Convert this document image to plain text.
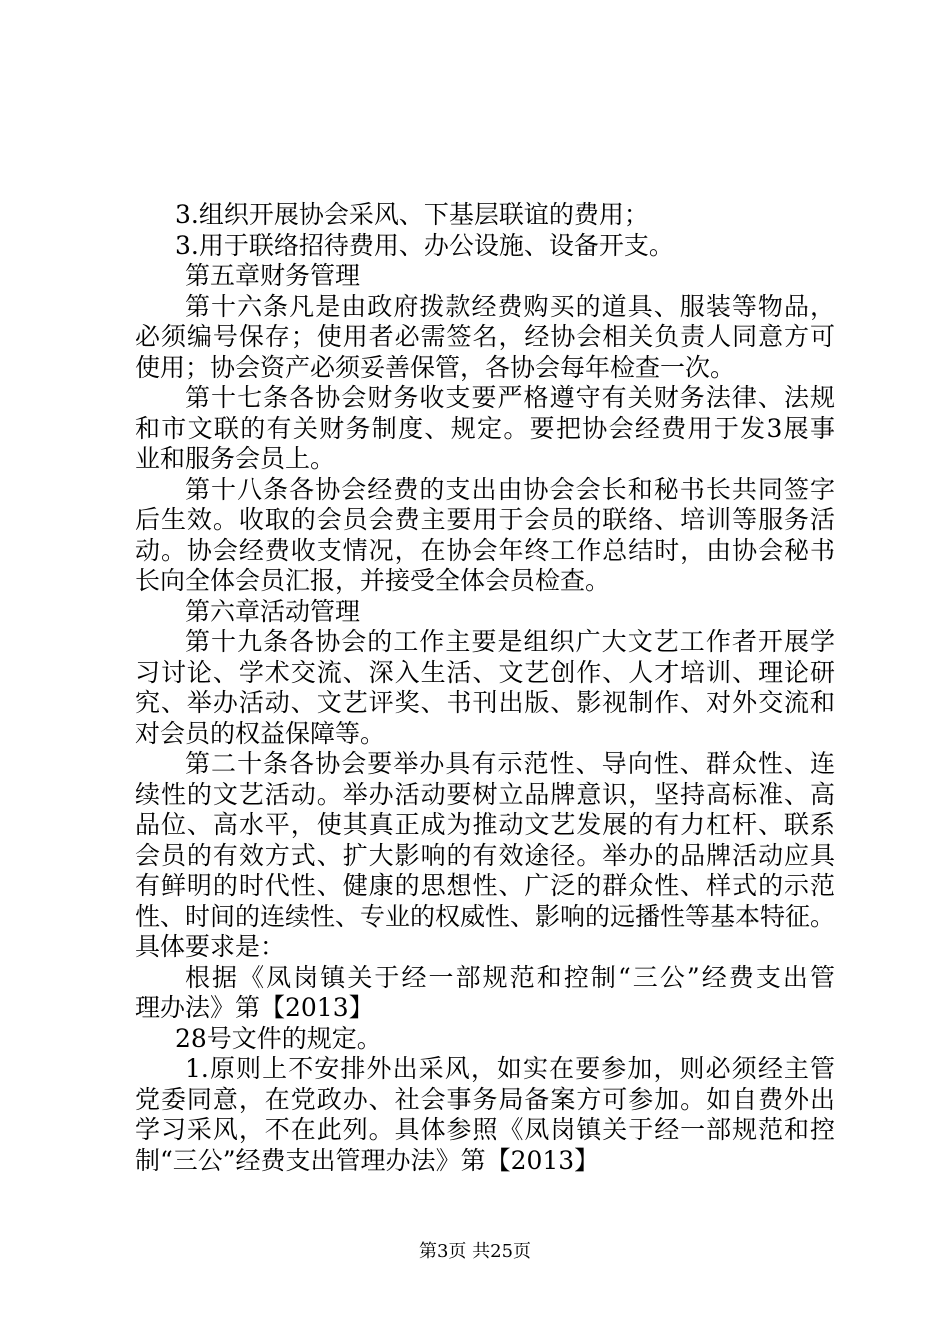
3.组织开展协会采风、下基层联谊的费用；
3.用于联络招待费用、办公设施、设备开支。
第五章财务管理
第十六条凡是由政府拨款经费购买的道具、服装等物品，
必须编号保存；使用者必需签名，经协会相关负责人同意方可
使用；协会资产必须妥善保管，各协会每年检查一次。
第十七条各协会财务收支要严格遵守有关财务法律、法规
和市文联的有关财务制度、规定。要把协会经费用于发3展事
业和服务会员上。
第十八条各协会经费的支出由协会会长和秘书长共同签字
后生效。收取的会员会费主要用于会员的联络、培训等服务活
动。协会经费收支情况，在协会年终工作总结时，由协会秘书
长向全体会员汇报，并接受全体会员检查。
第六章活动管理
第十九条各协会的工作主要是组织广大文艺工作者开展学
习讨论、学术交流、深入生活、文艺创作、人才培训、理论研
究、举办活动、文艺评奖、书刊出版、影视制作、对外交流和
对会员的权益保障等。
第二十条各协会要举办具有示范性、导向性、群众性、连
续性的文艺活动。举办活动要树立品牌意识，坚持高标准、高
品位、高水平，使其真正成为推动文艺发展的有力杠杆、联系
会员的有效方式、扩大影响的有效途径。举办的品牌活动应具
有鲜明的时代性、健康的思想性、广泛的群众性、样式的示范
性、时间的连续性、专业的权威性、影响的远播性等基本特征。
具体要求是：
根据《凤岗镇关于经一部规范和控制“三公”经费支出管
理办法》第【2013】
28号文件的规定。
1.原则上不安排外出采风，如实在要参加，则必须经主管
党委同意，在党政办、社会事务局备案方可参加。如自费外出
学习采风，不在此列。具体参照《凤岗镇关于经一部规范和控
制“三公”经费支出管理办法》第【2013】
第3页 共25页
